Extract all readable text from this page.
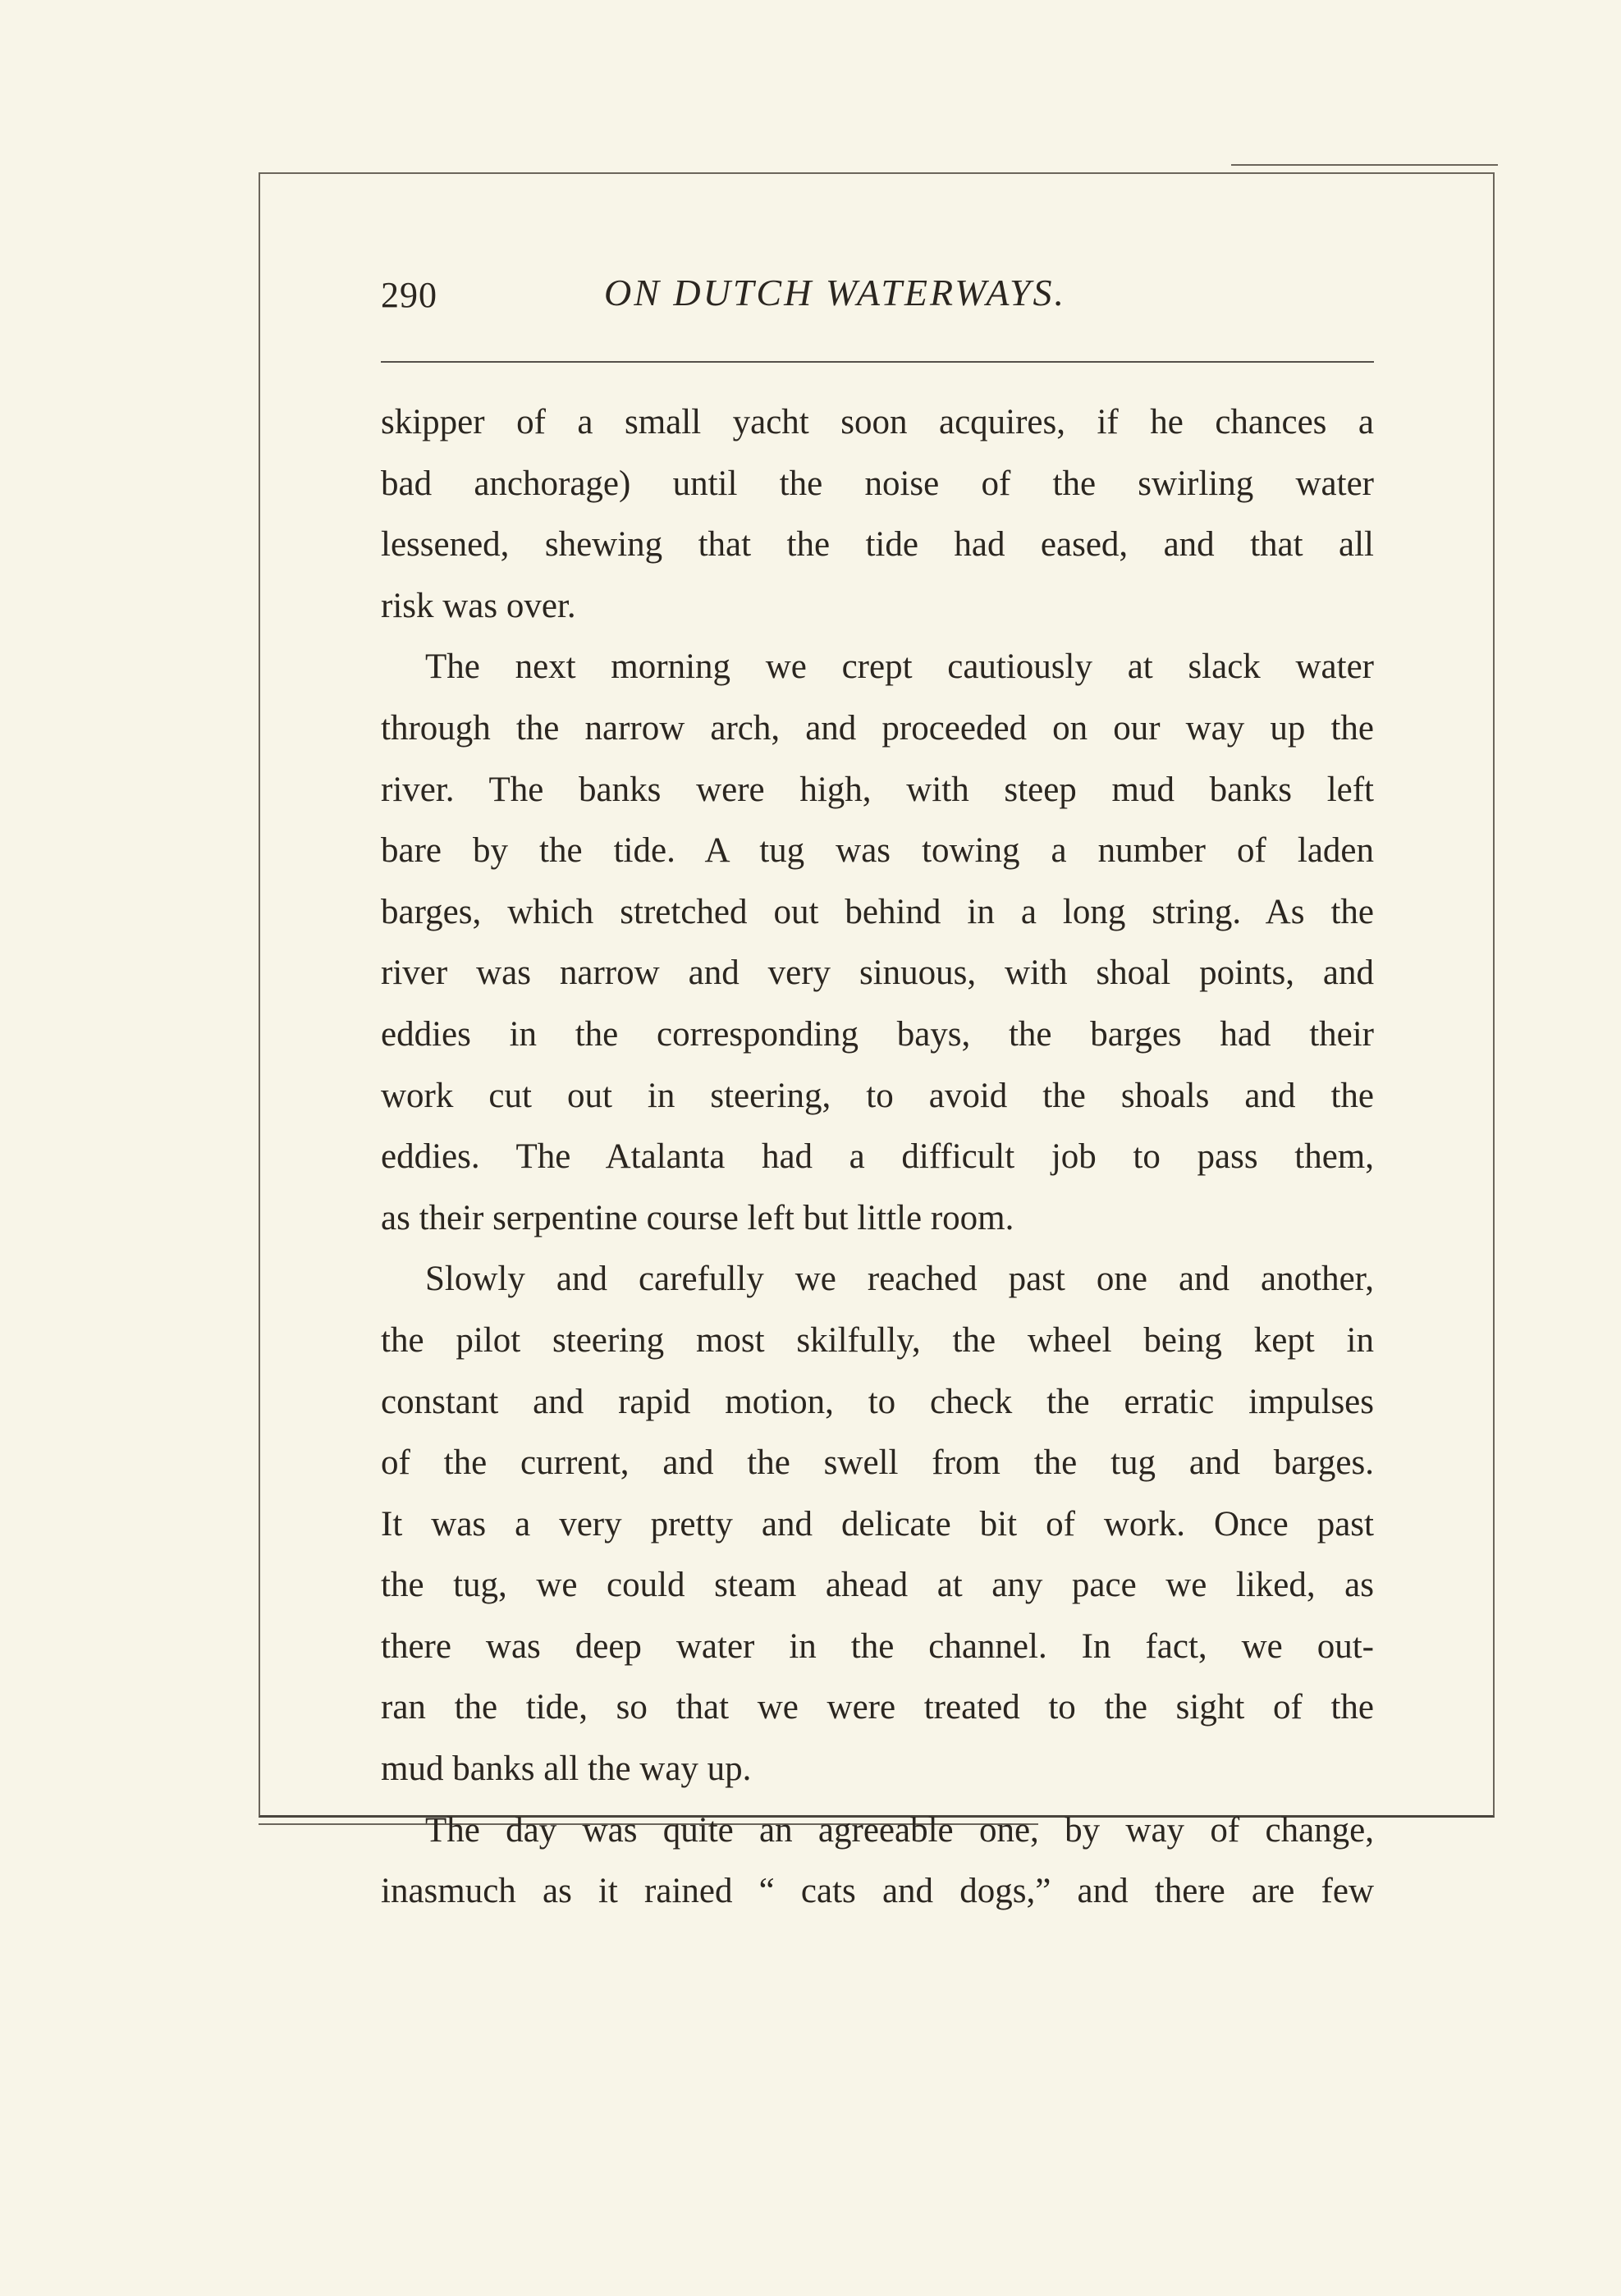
290	ON DUTCH WATERWAYS.

skipper of a small yacht soon acquires, if he chances a

bad anchorage) until the noise of the swirling water

lessened, shewing that the tide had eased, and that all

risk was over.

The next morning we crept cautiously at slack water

through the narrow arch, and proceeded on our way up the

river. The banks were high, with steep mud banks left

bare by the tide. A tug was towing a number of laden

barges, which stretched out behind in a long string. As the

river was narrow and very sinuous, with shoal points, and

eddies in the corresponding bays, the barges had their

work cut out in steering, to avoid the shoals and the

eddies. The Atalanta had a difficult job to pass them,

as their serpentine course left but little room.

Slowly and carefully we reached past one and another,

the pilot steering most skilfully, the wheel being kept in

constant and rapid motion, to check the erratic impulses

of the current, and the swell from the tug and barges.

It was a very pretty and delicate bit of work. Once past

the tug, we could steam ahead at any pace we liked, as

there was deep water in the channel. In fact, we out-

ran the tide, so that we were treated to the sight of the

mud banks all the way up.

The day was quite an agreeable one, by way of change,

inasmuch as it rained “ cats and dogs,” and there are few
